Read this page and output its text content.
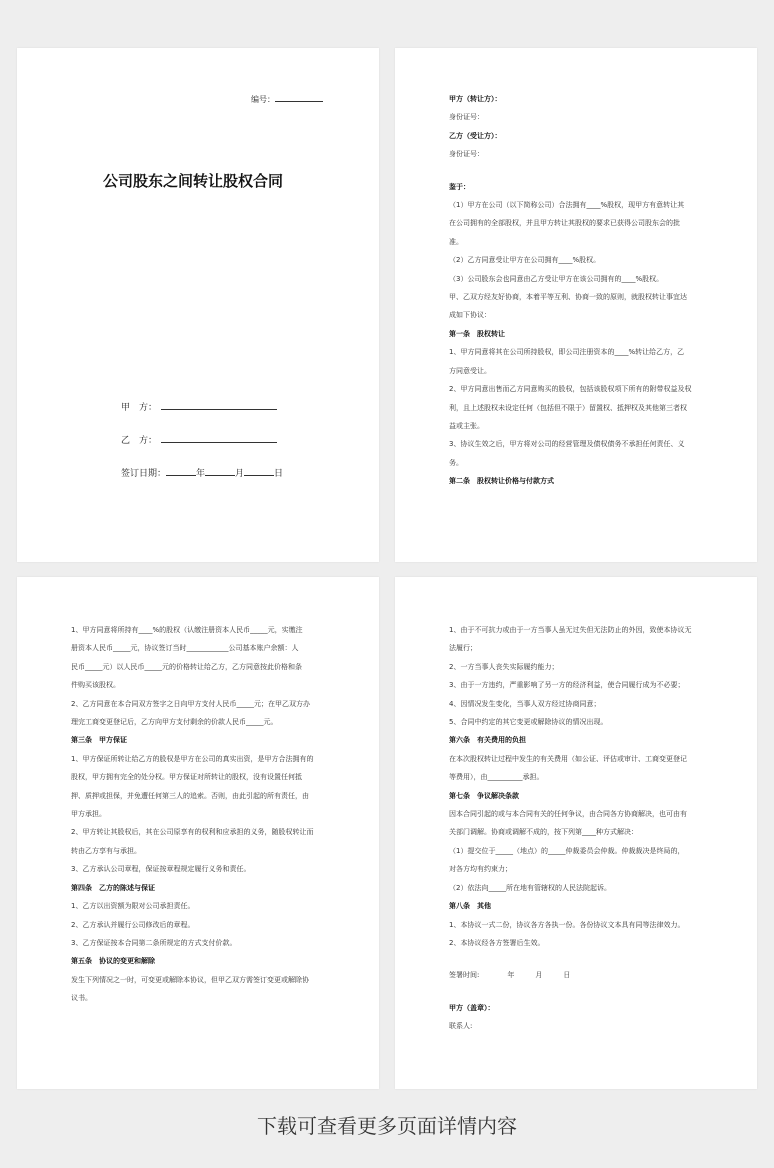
编号：
公司股东之间转让股权合同
甲　方：
乙　方：
签订日期：	年	月	日

甲方（转让方）：

身份证号：

乙方（受让方）：

身份证号：

鉴于：

（1）甲方在公司（以下简称公司）合法拥有____%股权，现甲方有意转让其

在公司拥有的全部股权，并且甲方转让其股权的要求已获得公司股东会的批

准。

（2）乙方同意受让甲方在公司拥有____%股权。

（3）公司股东会也同意由乙方受让甲方在该公司拥有的____%股权。

甲、乙双方经友好协商，本着平等互利、协商一致的原则，就股权转让事宜达

成如下协议：

第一条　股权转让

1、甲方同意将其在公司所持股权，即公司注册资本的____%转让给乙方，乙

方同意受让。

2、甲方同意出售而乙方同意购买的股权，包括该股权项下所有的附带权益及权

利，且上述股权未设定任何（包括但不限于）留置权、抵押权及其他第三者权

益或主张。

3、协议生效之后，甲方将对公司的经营管理及债权债务不承担任何责任、义

务。

第二条　股权转让价格与付款方式

1、甲方同意将所持有____%的股权（认缴注册资本人民币_____元，实缴注

册资本人民币_____元，协议签订当时____________公司基本账户余额：人

民币_____元）以人民币_____元的价格转让给乙方，乙方同意按此价格和条

件购买该股权。

2、乙方同意在本合同双方签字之日向甲方支付人民币_____元；在甲乙双方办

理完工商变更登记后，乙方向甲方支付剩余的价款人民币_____元。

第三条　甲方保证

1、甲方保证所转让给乙方的股权是甲方在公司的真实出资，是甲方合法拥有的

股权，甲方拥有完全的处分权。甲方保证对所转让的股权，没有设置任何抵

押、质押或担保，并免遭任何第三人的追索。否则，由此引起的所有责任，由

甲方承担。

2、甲方转让其股权后，其在公司原享有的权利和应承担的义务，随股权转让而

转由乙方享有与承担。

3、乙方承认公司章程，保证按章程规定履行义务和责任。

第四条　乙方的陈述与保证

1、乙方以出资额为限对公司承担责任。

2、乙方承认并履行公司修改后的章程。

3、乙方保证按本合同第二条所规定的方式支付价款。

第五条　协议的变更和解除

发生下列情况之一时，可变更或解除本协议，但甲乙双方需签订变更或解除协

议书。

1、由于不可抗力或由于一方当事人虽无过失但无法防止的外因，致使本协议无

法履行；

2、一方当事人丧失实际履约能力；

3、由于一方违约，严重影响了另一方的经济利益，使合同履行成为不必要；

4、因情况发生变化，当事人双方经过协商同意；

5、合同中约定的其它变更或解除协议的情况出现。

第六条　有关费用的负担

在本次股权转让过程中发生的有关费用（如公证、评估或审计、工商变更登记

等费用），由__________承担。

第七条　争议解决条款

因本合同引起的或与本合同有关的任何争议，由合同各方协商解决，也可由有

关部门调解。协商或调解不成的，按下列第____种方式解决：

（1）提交位于_____（地点）的_____仲裁委员会仲裁。仲裁裁决是终局的，

对各方均有约束力；

（2）依法向_____所在地有管辖权的人民法院起诉。

第八条　其他

1、本协议一式二份，协议各方各执一份。各份协议文本具有同等法律效力。

2、本协议经各方签署后生效。

签署时间:　　　　年　　　月　　　日

甲方（盖章）：

联系人:

下载可查看更多页面详情内容
